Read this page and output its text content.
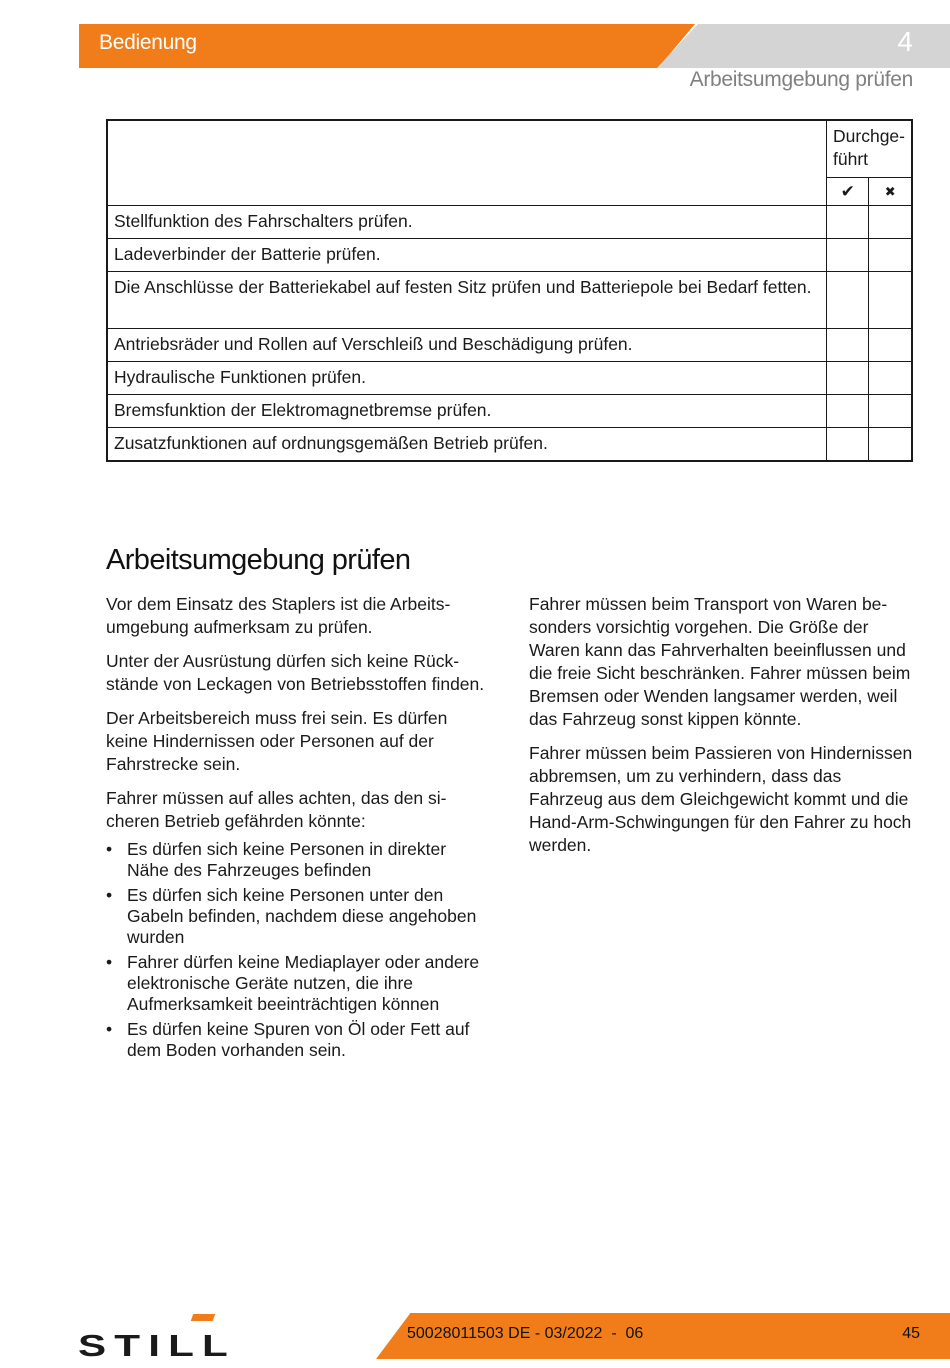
Bedienung	4
Arbeitsumgebung prüfen
	Durchge-
führt	
	✔	✖
Stellfunktion des Fahrschalters prüfen.		
Ladeverbinder der Batterie prüfen.		
Die Anschlüsse der Batteriekabel auf festen Sitz prüfen und Batteriepole bei Bedarf fetten.		
Antriebsräder und Rollen auf Verschleiß und Beschädigung prüfen.		
Hydraulische Funktionen prüfen.		
Bremsfunktion der Elektromagnetbremse prüfen.		
Zusatzfunktionen auf ordnungsgemäßen Betrieb prüfen.		
Arbeitsumgebung prüfen

Vor dem Einsatz des Staplers ist die Arbeitsumgebung aufmerksam zu prüfen.

Unter der Ausrüstung dürfen sich keine Rückstände von Leckagen von Betriebsstoffen finden.

Der Arbeitsbereich muss frei sein. Es dürfen keine Hindernissen oder Personen auf der Fahrstrecke sein.

Fahrer müssen auf alles achten, das den sicheren Betrieb gefährden könnte:

• Es dürfen sich keine Personen in direkter Nähe des Fahrzeuges befinden
• Es dürfen sich keine Personen unter den Gabeln befinden, nachdem diese angehoben wurden
• Fahrer dürfen keine Mediaplayer oder andere elektronische Geräte nutzen, die ihre Aufmerksamkeit beeinträchtigen können
• Es dürfen keine Spuren von Öl oder Fett auf dem Boden vorhanden sein.

Fahrer müssen beim Transport von Waren besonders vorsichtig vorgehen. Die Größe der Waren kann das Fahrverhalten beeinflussen und die freie Sicht beschränken. Fahrer müssen beim Bremsen oder Wenden langsamer werden, weil das Fahrzeug sonst kippen könnte.

Fahrer müssen beim Passieren von Hindernissen abbremsen, um zu verhindern, dass das Fahrzeug aus dem Gleichgewicht kommt und die Hand-Arm-Schwingungen für den Fahrer zu hoch werden.

STILL	50028011503 DE - 03/2022  -  06	45
